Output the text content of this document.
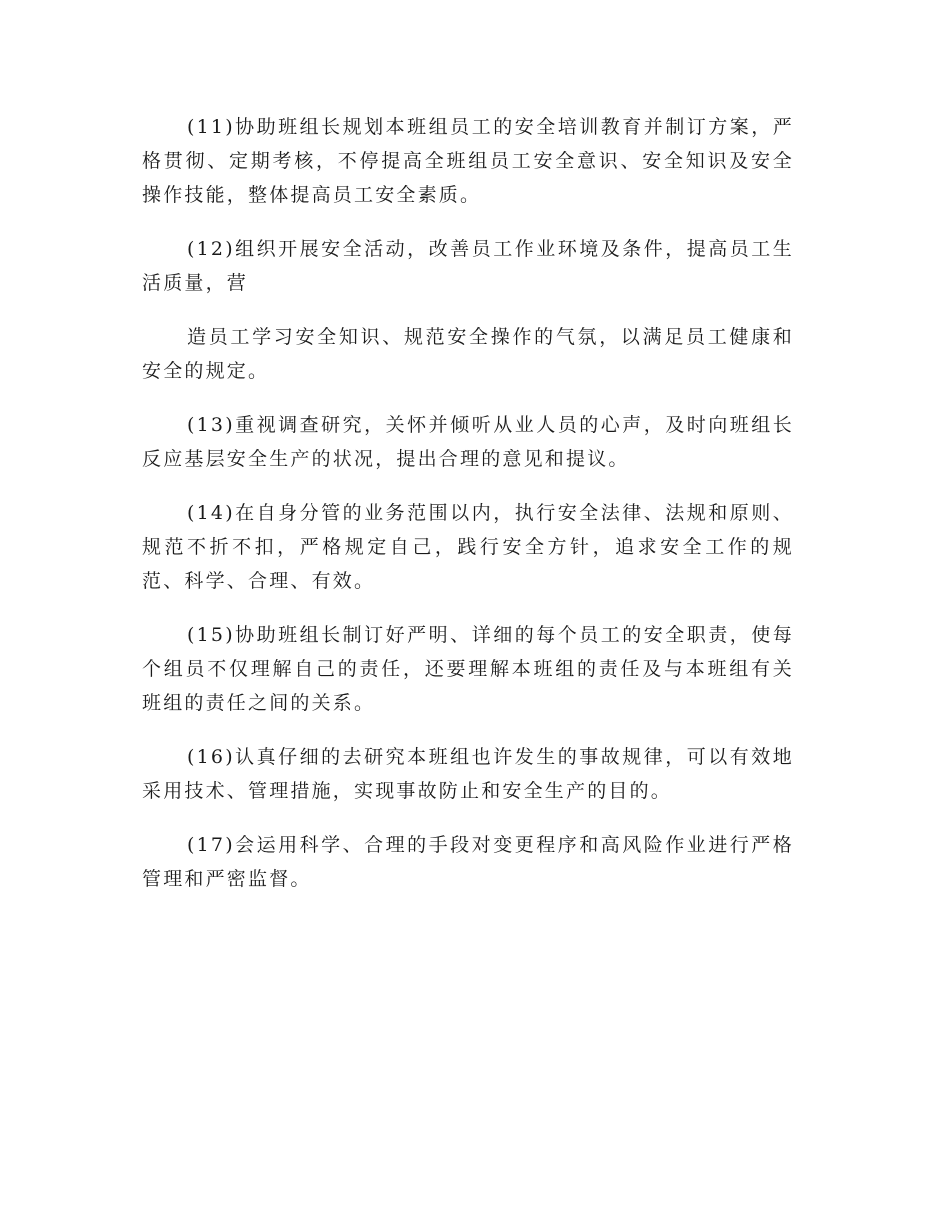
(11)协助班组长规划本班组员工的安全培训教育并制订方案，严格贯彻、定期考核，不停提高全班组员工安全意识、安全知识及安全操作技能，整体提高员工安全素质。

(12)组织开展安全活动，改善员工作业环境及条件，提高员工生活质量，营

造员工学习安全知识、规范安全操作的气氛，以满足员工健康和安全的规定。

(13)重视调查研究，关怀并倾听从业人员的心声，及时向班组长反应基层安全生产的状况，提出合理的意见和提议。

(14)在自身分管的业务范围以内，执行安全法律、法规和原则、规范不折不扣，严格规定自己，践行安全方针，追求安全工作的规范、科学、合理、有效。

(15)协助班组长制订好严明、详细的每个员工的安全职责，使每个组员不仅理解自己的责任，还要理解本班组的责任及与本班组有关班组的责任之间的关系。

(16)认真仔细的去研究本班组也许发生的事故规律，可以有效地采用技术、管理措施，实现事故防止和安全生产的目的。

(17)会运用科学、合理的手段对变更程序和高风险作业进行严格管理和严密监督。
